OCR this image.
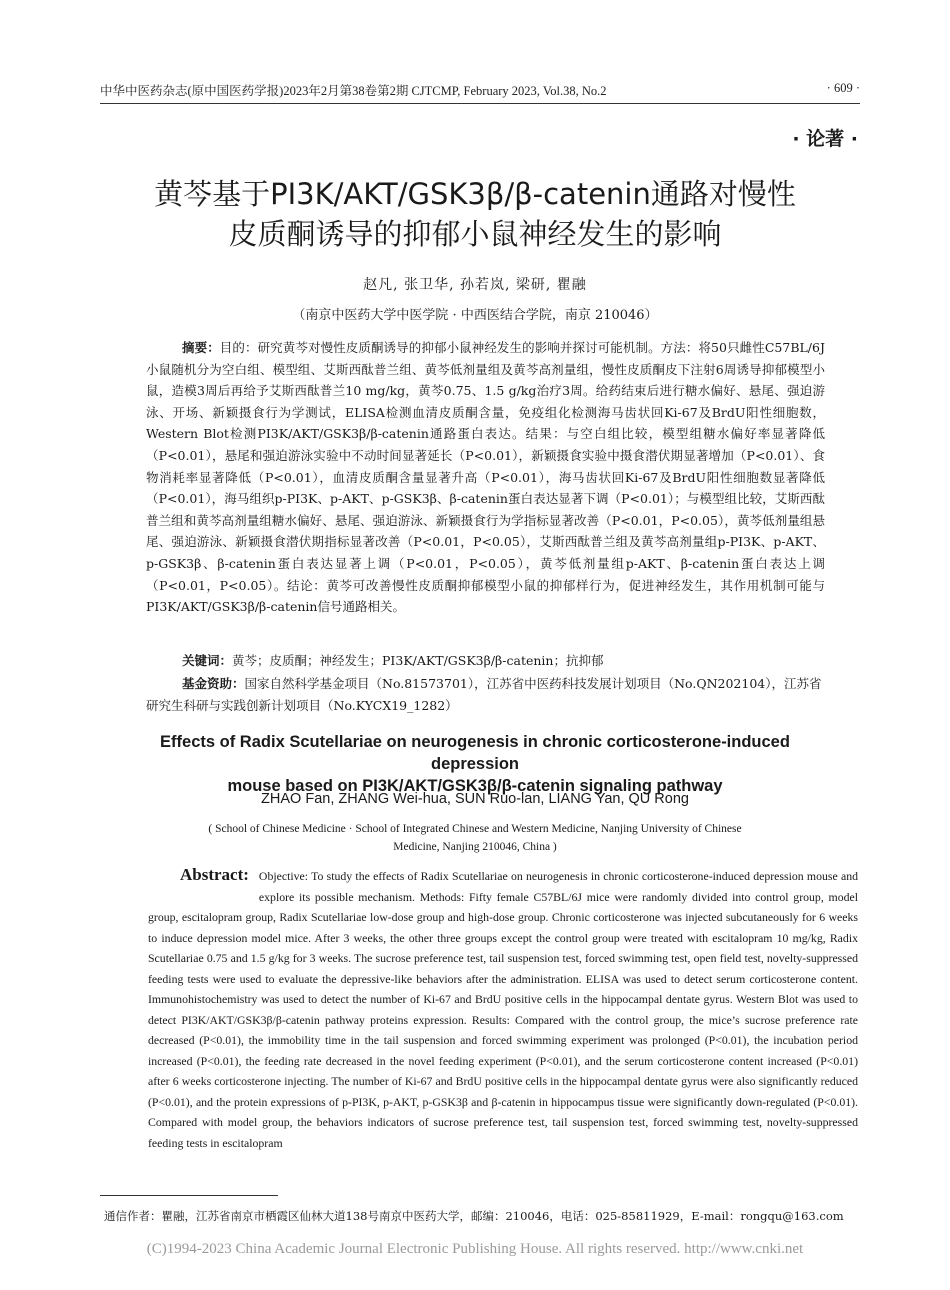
中华中医药杂志(原中国医药学报)2023年2月第38卷第2期 CJTCMP, February 2023, Vol.38, No.2	· 609 ·
· 论著 ·
黄芩基于PI3K/AKT/GSK3β/β-catenin通路对慢性
皮质酮诱导的抑郁小鼠神经发生的影响
赵凡, 张卫华, 孙若岚, 梁研, 瞿融
（南京中医药大学中医学院 · 中西医结合学院，南京 210046）
摘要：目的：研究黄芩对慢性皮质酮诱导的抑郁小鼠神经发生的影响并探讨可能机制。方法：将50只雌性C57BL/6J小鼠随机分为空白组、模型组、艾斯西酞普兰组、黄芩低剂量组及黄芩高剂量组，慢性皮质酮皮下注射6周诱导抑郁模型小鼠，造模3周后再给予艾斯西酞普兰10 mg/kg，黄芩0.75、1.5 g/kg治疗3周。给药结束后进行糖水偏好、悬尾、强迫游泳、开场、新颖摄食行为学测试，ELISA检测血清皮质酮含量，免疫组化检测海马齿状回Ki-67及BrdU阳性细胞数，Western Blot检测PI3K/AKT/GSK3β/β-catenin通路蛋白表达。结果：与空白组比较，模型组糖水偏好率显著降低（P<0.01），悬尾和强迫游泳实验中不动时间显著延长（P<0.01），新颖摄食实验中摄食潜伏期显著增加（P<0.01）、食物消耗率显著降低（P<0.01），血清皮质酮含量显著升高（P<0.01），海马齿状回Ki-67及BrdU阳性细胞数显著降低（P<0.01），海马组织p-PI3K、p-AKT、p-GSK3β、β-catenin蛋白表达显著下调（P<0.01）；与模型组比较，艾斯西酞普兰组和黄芩高剂量组糖水偏好、悬尾、强迫游泳、新颖摄食行为学指标显著改善（P<0.01，P<0.05），黄芩低剂量组悬尾、强迫游泳、新颖摄食潜伏期指标显著改善（P<0.01，P<0.05），艾斯西酞普兰组及黄芩高剂量组p-PI3K、p-AKT、p-GSK3β、β-catenin蛋白表达显著上调（P<0.01，P<0.05），黄芩低剂量组p-AKT、β-catenin蛋白表达上调（P<0.01，P<0.05）。结论：黄芩可改善慢性皮质酮抑郁模型小鼠的抑郁样行为，促进神经发生，其作用机制可能与PI3K/AKT/GSK3β/β-catenin信号通路相关。
关键词：黄芩；皮质酮；神经发生；PI3K/AKT/GSK3β/β-catenin；抗抑郁
基金资助：国家自然科学基金项目（No.81573701），江苏省中医药科技发展计划项目（No.QN202104），江苏省研究生科研与实践创新计划项目（No.KYCX19_1282）
Effects of Radix Scutellariae on neurogenesis in chronic corticosterone-induced depression
mouse based on PI3K/AKT/GSK3β/β-catenin signaling pathway
ZHAO Fan, ZHANG Wei-hua, SUN Ruo-lan, LIANG Yan, QU Rong
( School of Chinese Medicine · School of Integrated Chinese and Western Medicine, Nanjing University of Chinese Medicine, Nanjing 210046, China )
Abstract: Objective: To study the effects of Radix Scutellariae on neurogenesis in chronic corticosterone-induced depression mouse and explore its possible mechanism. Methods: Fifty female C57BL/6J mice were randomly divided into control group, model group, escitalopram group, Radix Scutellariae low-dose group and high-dose group. Chronic corticosterone was injected subcutaneously for 6 weeks to induce depression model mice. After 3 weeks, the other three groups except the control group were treated with escitalopram 10 mg/kg, Radix Scutellariae 0.75 and 1.5 g/kg for 3 weeks. The sucrose preference test, tail suspension test, forced swimming test, open field test, novelty-suppressed feeding tests were used to evaluate the depressive-like behaviors after the administration. ELISA was used to detect serum corticosterone content. Immunohistochemistry was used to detect the number of Ki-67 and BrdU positive cells in the hippocampal dentate gyrus. Western Blot was used to detect PI3K/AKT/GSK3β/β-catenin pathway proteins expression. Results: Compared with the control group, the mice’s sucrose preference rate decreased (P<0.01), the immobility time in the tail suspension and forced swimming experiment was prolonged (P<0.01), the incubation period increased (P<0.01), the feeding rate decreased in the novel feeding experiment (P<0.01), and the serum corticosterone content increased (P<0.01) after 6 weeks corticosterone injecting. The number of Ki-67 and BrdU positive cells in the hippocampal dentate gyrus were also significantly reduced (P<0.01), and the protein expressions of p-PI3K, p-AKT, p-GSK3β and β-catenin in hippocampus tissue were significantly down-regulated (P<0.01). Compared with model group, the behaviors indicators of sucrose preference test, tail suspension test, forced swimming test, novelty-suppressed feeding tests in escitalopram
通信作者：瞿融，江苏省南京市栖霞区仙林大道138号南京中医药大学，邮编：210046，电话：025-85811929，E-mail：rongqu@163.com
(C)1994-2023 China Academic Journal Electronic Publishing House. All rights reserved. http://www.cnki.net
